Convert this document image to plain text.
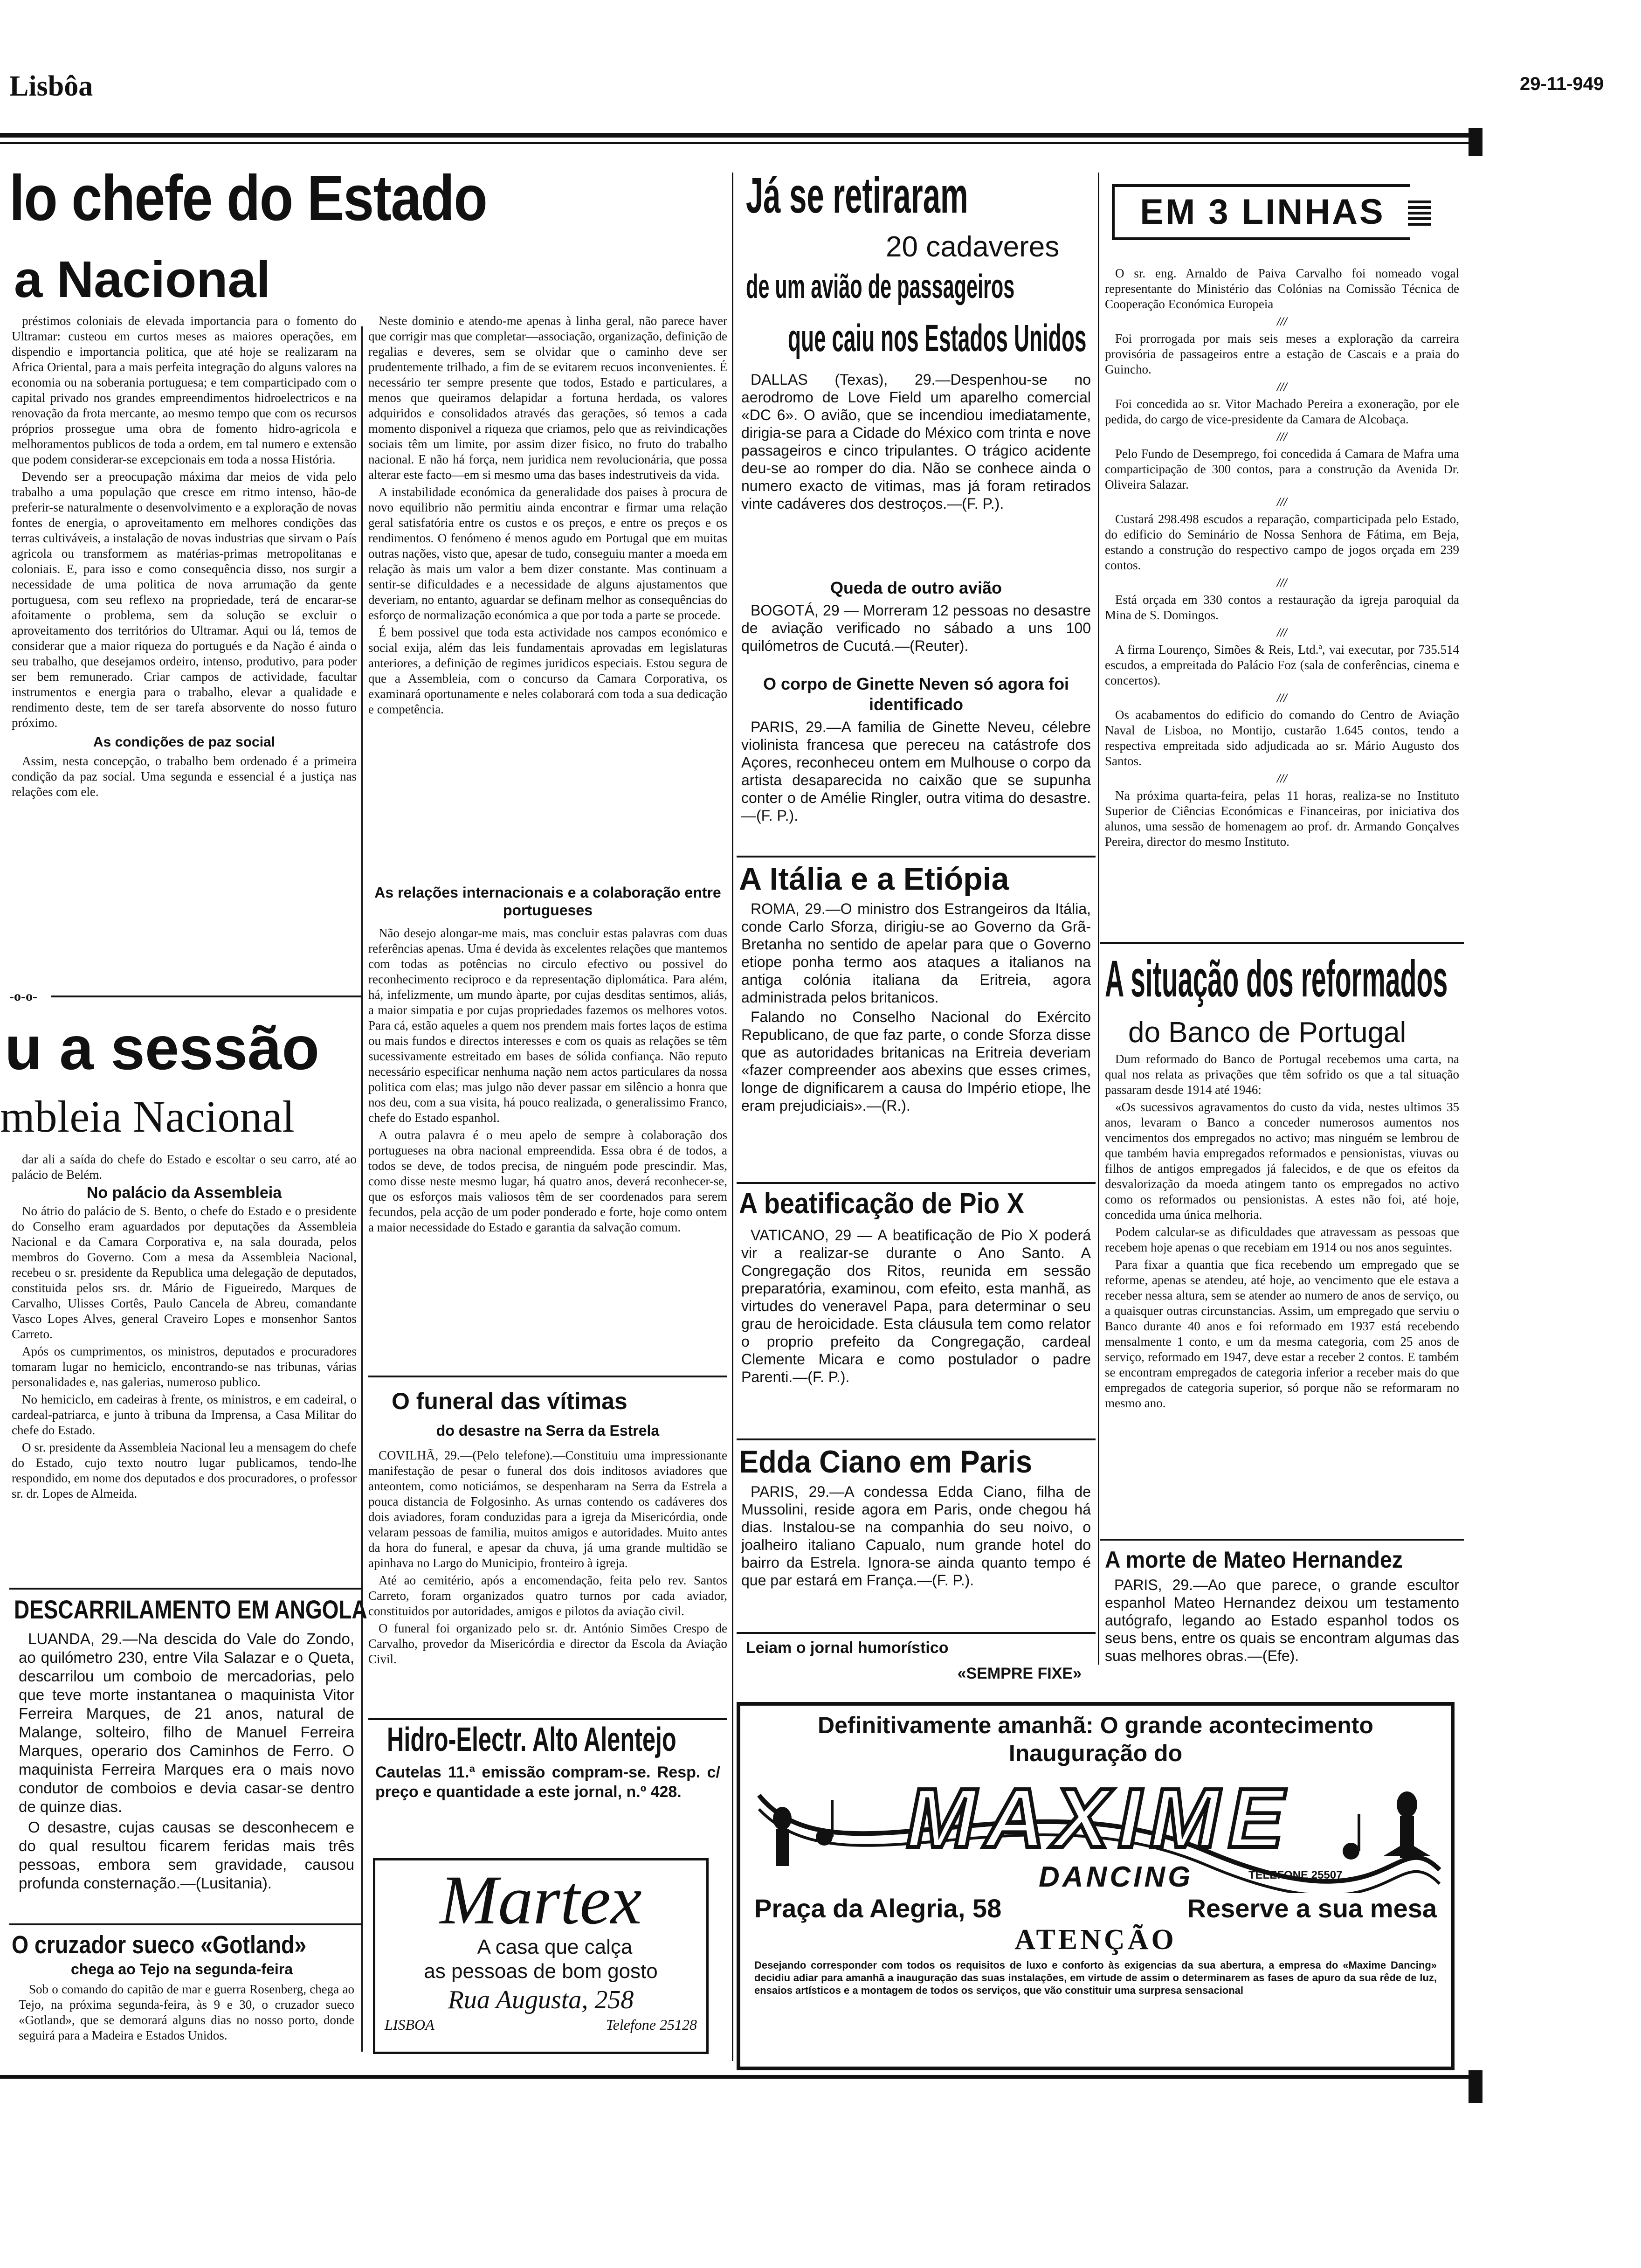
Lisbôa	29-11-949
lo chefe do Estado
a Nacional

préstimos coloniais de elevada importancia para o fomento do Ultramar: custeou em curtos meses as maiores operações, em dispendio e importancia politica, que até hoje se realizaram na Africa Oriental, para a mais perfeita integração do alguns valores na economia ou na soberania portuguesa; e tem comparticipado com o capital privado nos grandes empreendimentos hidroelectricos e na renovação da frota mercante, ao mesmo tempo que com os recursos próprios prossegue uma obra de fomento hidro-agricola e melhoramentos publicos de toda a ordem, em tal numero e extensão que podem considerar-se excepcionais em toda a nossa História.

Devendo ser a preocupação máxima dar meios de vida pelo trabalho a uma população que cresce em ritmo intenso, hão-de preferir-se naturalmente o desenvolvimento e a exploração de novas fontes de energia, o aproveitamento em melhores condições das terras cultiváveis, a instalação de novas industrias que sirvam o País agricola ou transformem as matérias-primas metropolitanas e coloniais. E, para isso e como consequência disso, nos surgir a necessidade de uma politica de nova arrumação da gente portuguesa, com seu reflexo na propriedade, terá de encarar-se afoitamente o problema, sem da solução se excluir o aproveitamento dos territórios do Ultramar. Aqui ou lá, temos de considerar que a maior riqueza do portugués e da Nação é ainda o seu trabalho, que desejamos ordeiro, intenso, produtivo, para poder ser bem remunerado. Criar campos de actividade, facultar instrumentos e energia para o trabalho, elevar a qualidade e rendimento deste, tem de ser tarefa absorvente do nosso futuro próximo.

As condições de paz social

Assim, nesta concepção, o trabalho bem ordenado é a primeira condição da paz social. Uma segunda e essencial é a justiça nas relações com ele.

-o-o-
u a sessão
mbleia Nacional

dar ali a saída do chefe do Estado e escoltar o seu carro, até ao palácio de Belém.

No palácio da Assembleia

No átrio do palácio de S. Bento, o chefe do Estado e o presidente do Conselho eram aguardados por deputações da Assembleia Nacional e da Camara Corporativa e, na sala dourada, pelos membros do Governo. Com a mesa da Assembleia Nacional, recebeu o sr. presidente da Republica uma delegação de deputados, constituida pelos srs. dr. Mário de Figueiredo, Marques de Carvalho, Ulisses Cortês, Paulo Cancela de Abreu, comandante Vasco Lopes Alves, general Craveiro Lopes e monsenhor Santos Carreto.

Após os cumprimentos, os ministros, deputados e procuradores tomaram lugar no hemiciclo, encontrando-se nas tribunas, várias personalidades e, nas galerias, numeroso publico.

No hemiciclo, em cadeiras à frente, os ministros, e em cadeiral, o cardeal-patriarca, e junto à tribuna da Imprensa, a Casa Militar do chefe do Estado.

O sr. presidente da Assembleia Nacional leu a mensagem do chefe do Estado, cujo texto noutro lugar publicamos, tendo-lhe respondido, em nome dos deputados e dos procuradores, o professor sr. dr. Lopes de Almeida.

DESCARRILAMENTO EM ANGOLA

LUANDA, 29.—Na descida do Vale do Zondo, ao quilómetro 230, entre Vila Salazar e o Queta, descarrilou um comboio de mercadorias, pelo que teve morte instantanea o maquinista Vitor Ferreira Marques, de 21 anos, natural de Malange, solteiro, filho de Manuel Ferreira Marques, operario dos Caminhos de Ferro. O maquinista Ferreira Marques era o mais novo condutor de comboios e devia casar-se dentro de quinze dias.

O desastre, cujas causas se desconhecem e do qual resultou ficarem feridas mais três pessoas, embora sem gravidade, causou profunda consternação.—(Lusitania).

O cruzador sueco «Gotland»
chega ao Tejo na segunda-feira

Sob o comando do capitão de mar e guerra Rosenberg, chega ao Tejo, na próxima segunda-feira, às 9 e 30, o cruzador sueco «Gotland», que se demorará alguns dias no nosso porto, donde seguirá para a Madeira e Estados Unidos.

Neste dominio e atendo-me apenas à linha geral, não parece haver que corrigir mas que completar—associação, organização, definição de regalias e deveres, sem se olvidar que o caminho deve ser prudentemente trilhado, a fim de se evitarem recuos inconvenientes. É necessário ter sempre presente que todos, Estado e particulares, a menos que queiramos delapidar a fortuna herdada, os valores adquiridos e consolidados através das gerações, só temos a cada momento disponivel a riqueza que criamos, pelo que as reivindicações sociais têm um limite, por assim dizer fisico, no fruto do trabalho nacional. E não há força, nem juridica nem revolucionária, que possa alterar este facto—em si mesmo uma das bases indestrutiveis da vida.

A instabilidade económica da generalidade dos paises à procura de novo equilibrio não permitiu ainda encontrar e firmar uma relação geral satisfatória entre os custos e os preços, e entre os preços e os rendimentos. O fenómeno é menos agudo em Portugal que em muitas outras nações, visto que, apesar de tudo, conseguiu manter a moeda em relação às mais um valor a bem dizer constante. Mas continuam a sentir-se dificuldades e a necessidade de alguns ajustamentos que deveriam, no entanto, aguardar se definam melhor as consequências do esforço de normalização económica a que por toda a parte se procede.

É bem possivel que toda esta actividade nos campos económico e social exija, além das leis fundamentais aprovadas em legislaturas anteriores, a definição de regimes juridicos especiais. Estou segura de que a Assembleia, com o concurso da Camara Corporativa, os examinará oportunamente e neles colaborará com toda a sua dedicação e competência.

As relações internacionais e a colaboração entre portugueses

Não desejo alongar-me mais, mas concluir estas palavras com duas referências apenas. Uma é devida às excelentes relações que mantemos com todas as potências no circulo efectivo ou possivel do reconhecimento reciproco e da representação diplomática. Para além, há, infelizmente, um mundo àparte, por cujas desditas sentimos, aliás, a maior simpatia e por cujas propriedades fazemos os melhores votos. Para cá, estão aqueles a quem nos prendem mais fortes laços de estima ou mais fundos e directos interesses e com os quais as relações se têm sucessivamente estreitado em bases de sólida confiança. Não reputo necessário especificar nenhuma nação nem actos particulares da nossa politica com elas; mas julgo não dever passar em silêncio a honra que nos deu, com a sua visita, há pouco realizada, o generalissimo Franco, chefe do Estado espanhol.

A outra palavra é o meu apelo de sempre à colaboração dos portugueses na obra nacional empreendida. Essa obra é de todos, a todos se deve, de todos precisa, de ninguém pode prescindir. Mas, como disse neste mesmo lugar, há quatro anos, deverá reconhecer-se, que os esforços mais valiosos têm de ser coordenados para serem fecundos, pela acção de um poder ponderado e forte, hoje como ontem a maior necessidade do Estado e garantia da salvação comum.

O funeral das vítimas
do desastre na Serra da Estrela

COVILHÃ, 29.—(Pelo telefone).—Constituiu uma impressionante manifestação de pesar o funeral dos dois inditosos aviadores que anteontem, como noticiámos, se despenharam na Serra da Estrela a pouca distancia de Folgosinho. As urnas contendo os cadáveres dos dois aviadores, foram conduzidas para a igreja da Misericórdia, onde velaram pessoas de familia, muitos amigos e autoridades. Muito antes da hora do funeral, e apesar da chuva, já uma grande multidão se apinhava no Largo do Municipio, fronteiro à igreja.

Até ao cemitério, após a encomendação, feita pelo rev. Santos Carreto, foram organizados quatro turnos por cada aviador, constituidos por autoridades, amigos e pilotos da aviação civil.

O funeral foi organizado pelo sr. dr. António Simões Crespo de Carvalho, provedor da Misericórdia e director da Escola da Aviação Civil.

Hidro-Electr. Alto Alentejo
Cautelas 11.ª emissão compram-se. Resp. c/ preço e quantidade a este jornal, n.º 428.
Martex
A casa que calça
as pessoas de bom gosto
Rua Augusta, 258
LISBOA	Telefone 25128
Já se retiraram
20 cadaveres
de um avião de passageiros
que caiu nos Estados Unidos

DALLAS (Texas), 29.—Despenhou-se no aerodromo de Love Field um aparelho comercial «DC 6». O avião, que se incendiou imediatamente, dirigia-se para a Cidade do México com trinta e nove passageiros e cinco tripulantes. O trágico acidente deu-se ao romper do dia. Não se conhece ainda o numero exacto de vitimas, mas já foram retirados vinte cadáveres dos destroços.—(F. P.).

Queda de outro avião

BOGOTÁ, 29 — Morreram 12 pessoas no desastre de aviação verificado no sábado a uns 100 quilómetros de Cucutá.—(Reuter).

O corpo de Ginette Neven só agora foi identificado

PARIS, 29.—A familia de Ginette Neveu, célebre violinista francesa que pereceu na catástrofe dos Açores, reconheceu ontem em Mulhouse o corpo da artista desaparecida no caixão que se supunha conter o de Amélie Ringler, outra vitima do desastre.—(F. P.).

A Itália e a Etiópia

ROMA, 29.—O ministro dos Estrangeiros da Itália, conde Carlo Sforza, dirigiu-se ao Governo da Grã-Bretanha no sentido de apelar para que o Governo etiope ponha termo aos ataques a italianos na antiga colónia italiana da Eritreia, agora administrada pelos britanicos.

Falando no Conselho Nacional do Exército Republicano, de que faz parte, o conde Sforza disse que as autoridades britanicas na Eritreia deveriam «fazer compreender aos abexins que esses crimes, longe de dignificarem a causa do Império etiope, lhe eram prejudiciais».—(R.).

A beatificação de Pio X

VATICANO, 29 — A beatificação de Pio X poderá vir a realizar-se durante o Ano Santo. A Congregação dos Ritos, reunida em sessão preparatória, examinou, com efeito, esta manhã, as virtudes do veneravel Papa, para determinar o seu grau de heroicidade. Esta cláusula tem como relator o proprio prefeito da Congregação, cardeal Clemente Micara e como postulador o padre Parenti.—(F. P.).

Edda Ciano em Paris

PARIS, 29.—A condessa Edda Ciano, filha de Mussolini, reside agora em Paris, onde chegou há dias. Instalou-se na companhia do seu noivo, o joalheiro italiano Capualo, num grande hotel do bairro da Estrela. Ignora-se ainda quanto tempo é que par estará em França.—(F. P.).

Leiam o jornal humorístico
«SEMPRE FIXE»
EM 3 LINHAS

O sr. eng. Arnaldo de Paiva Carvalho foi nomeado vogal representante do Ministério das Colónias na Comissão Técnica de Cooperação Económica Europeia

///

Foi prorrogada por mais seis meses a exploração da carreira provisória de passageiros entre a estação de Cascais e a praia do Guincho.

///

Foi concedida ao sr. Vitor Machado Pereira a exoneração, por ele pedida, do cargo de vice-presidente da Camara de Alcobaça.

///

Pelo Fundo de Desemprego, foi concedida á Camara de Mafra uma comparticipação de 300 contos, para a construção da Avenida Dr. Oliveira Salazar.

///

Custará 298.498 escudos a reparação, comparticipada pelo Estado, do edificio do Seminário de Nossa Senhora de Fátima, em Beja, estando a construção do respectivo campo de jogos orçada em 239 contos.

///

Está orçada em 330 contos a restauração da igreja paroquial da Mina de S. Domingos.

///

A firma Lourenço, Simões & Reis, Ltd.ª, vai executar, por 735.514 escudos, a empreitada do Palácio Foz (sala de conferências, cinema e concertos).

///

Os acabamentos do edificio do comando do Centro de Aviação Naval de Lisboa, no Montijo, custarão 1.645 contos, tendo a respectiva empreitada sido adjudicada ao sr. Mário Augusto dos Santos.

///

Na próxima quarta-feira, pelas 11 horas, realiza-se no Instituto Superior de Ciências Económicas e Financeiras, por iniciativa dos alunos, uma sessão de homenagem ao prof. dr. Armando Gonçalves Pereira, director do mesmo Instituto.

A situação dos reformados
do Banco de Portugal

Dum reformado do Banco de Portugal recebemos uma carta, na qual nos relata as privações que têm sofrido os que a tal situação passaram desde 1914 até 1946:

«Os sucessivos agravamentos do custo da vida, nestes ultimos 35 anos, levaram o Banco a conceder numerosos aumentos nos vencimentos dos empregados no activo; mas ninguém se lembrou de que também havia empregados reformados e pensionistas, viuvas ou filhos de antigos empregados já falecidos, e de que os efeitos da desvalorização da moeda atingem tanto os empregados no activo como os reformados ou pensionistas. A estes não foi, até hoje, concedida uma única melhoria.

Podem calcular-se as dificuldades que atravessam as pessoas que recebem hoje apenas o que recebiam em 1914 ou nos anos seguintes.

Para fixar a quantia que fica recebendo um empregado que se reforme, apenas se atendeu, até hoje, ao vencimento que ele estava a receber nessa altura, sem se atender ao numero de anos de serviço, ou a quaisquer outras circunstancias. Assim, um empregado que serviu o Banco durante 40 anos e foi reformado em 1937 está recebendo mensalmente 1 conto, e um da mesma categoria, com 25 anos de serviço, reformado em 1947, deve estar a receber 2 contos. E também se encontram empregados de categoria inferior a receber mais do que empregados de categoria superior, só porque não se reformaram no mesmo ano.

A morte de Mateo Hernandez

PARIS, 29.—Ao que parece, o grande escultor espanhol Mateo Hernandez deixou um testamento autógrafo, legando ao Estado espanhol todos os seus bens, entre os quais se encontram algumas das suas melhores obras.—(Efe).

Definitivamente amanhã: O grande acontecimento
Inauguração do
MAXIME
DANCING	TELEFONE 25507
Praça da Alegria, 58	Reserve a sua mesa
ATENÇÃO
Desejando corresponder com todos os requisitos de luxo e conforto às exigencias da sua abertura, a empresa do «Maxime Dancing» decidiu adiar para amanhã a inauguração das suas instalações, em virtude de assim o determinarem as fases de apuro da sua rêde de luz, ensaios artísticos e a montagem de todos os serviços, que vão constituir uma surpresa sensacional
